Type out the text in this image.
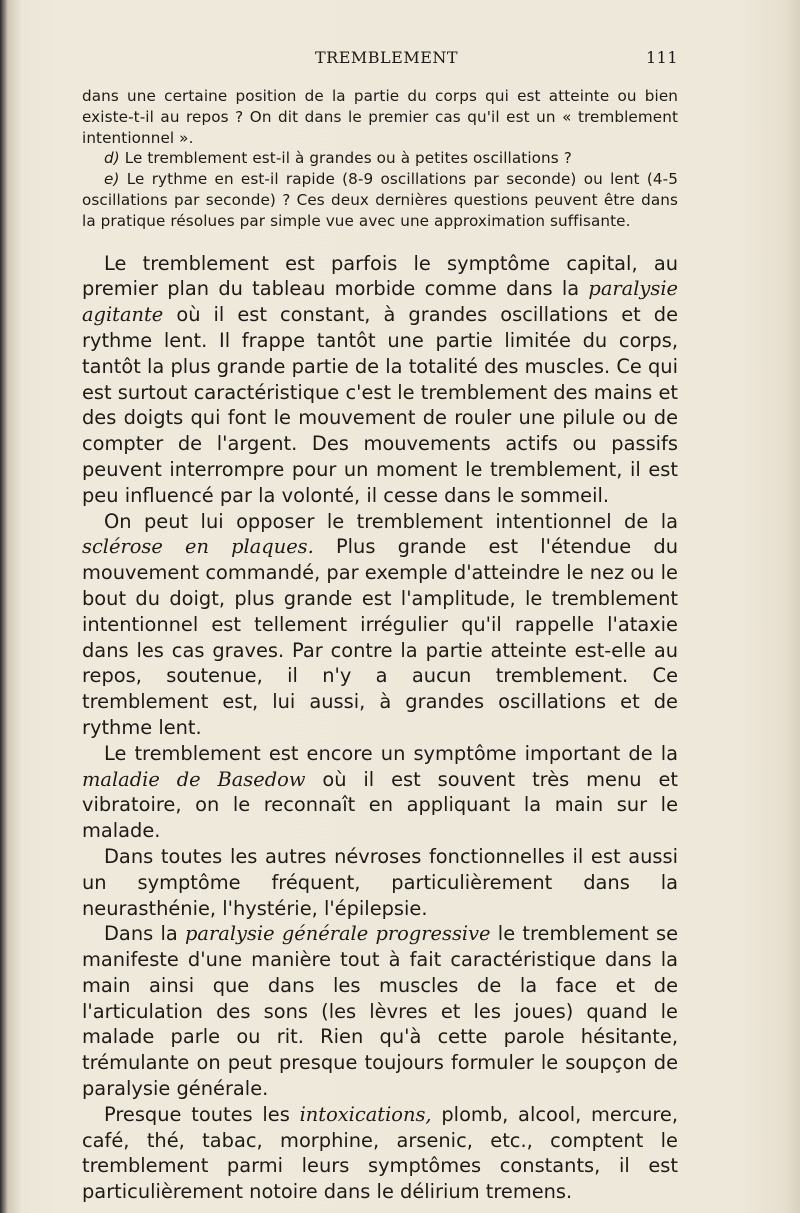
TREMBLEMENT	111

dans une certaine position de la partie du corps qui est atteinte ou bien existe-t-il au repos ? On dit dans le premier cas qu'il est un « tremblement intentionnel ».

d) Le tremblement est-il à grandes ou à petites oscillations ?

e) Le rythme en est-il rapide (8-9 oscillations par seconde) ou lent (4-5 oscillations par seconde) ? Ces deux dernières questions peuvent être dans la pratique résolues par simple vue avec une approximation suffisante.

Le tremblement est parfois le symptôme capital, au premier plan du tableau morbide comme dans la paralysie agitante où il est constant, à grandes oscillations et de rythme lent. Il frappe tantôt une partie limitée du corps, tantôt la plus grande partie de la totalité des muscles. Ce qui est surtout caractéristique c'est le tremblement des mains et des doigts qui font le mouvement de rouler une pilule ou de compter de l'argent. Des mouvements actifs ou passifs peuvent interrompre pour un moment le tremblement, il est peu influencé par la volonté, il cesse dans le sommeil.

On peut lui opposer le tremblement intentionnel de la sclérose en plaques. Plus grande est l'étendue du mouvement commandé, par exemple d'atteindre le nez ou le bout du doigt, plus grande est l'amplitude, le tremblement intentionnel est tellement irrégulier qu'il rappelle l'ataxie dans les cas graves. Par contre la partie atteinte est-elle au repos, soutenue, il n'y a aucun tremblement. Ce tremblement est, lui aussi, à grandes oscillations et de rythme lent.

Le tremblement est encore un symptôme important de la maladie de Basedow où il est souvent très menu et vibratoire, on le reconnaît en appliquant la main sur le malade.

Dans toutes les autres névroses fonctionnelles il est aussi un symptôme fréquent, particulièrement dans la neurasthénie, l'hystérie, l'épilepsie.

Dans la paralysie générale progressive le tremblement se manifeste d'une manière tout à fait caractéristique dans la main ainsi que dans les muscles de la face et de l'articulation des sons (les lèvres et les joues) quand le malade parle ou rit. Rien qu'à cette parole hésitante, trémulante on peut presque toujours formuler le soupçon de paralysie générale.

Presque toutes les intoxications, plomb, alcool, mercure, café, thé, tabac, morphine, arsenic, etc., comptent le tremblement parmi leurs symptômes constants, il est particulièrement notoire dans le délirium tremens.
